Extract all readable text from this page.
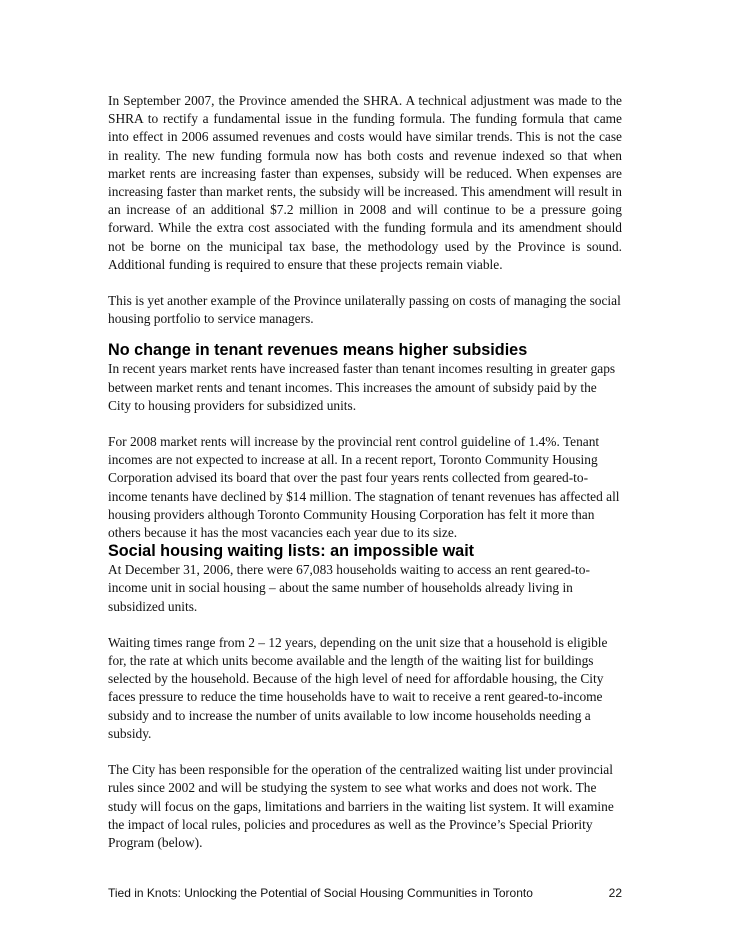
In September 2007, the Province amended the SHRA. A technical adjustment was made to the SHRA to rectify a fundamental issue in the funding formula. The funding formula that came into effect in 2006 assumed revenues and costs would have similar trends. This is not the case in reality. The new funding formula now has both costs and revenue indexed so that when market rents are increasing faster than expenses, subsidy will be reduced. When expenses are increasing faster than market rents, the subsidy will be increased. This amendment will result in an increase of an additional $7.2 million in 2008 and will continue to be a pressure going forward. While the extra cost associated with the funding formula and its amendment should not be borne on the municipal tax base, the methodology used by the Province is sound. Additional funding is required to ensure that these projects remain viable.

This is yet another example of the Province unilaterally passing on costs of managing the social housing portfolio to service managers.

No change in tenant revenues means higher subsidies

In recent years market rents have increased faster than tenant incomes resulting in greater gaps between market rents and tenant incomes. This increases the amount of subsidy paid by the City to housing providers for subsidized units.

For 2008 market rents will increase by the provincial rent control guideline of 1.4%. Tenant incomes are not expected to increase at all. In a recent report, Toronto Community Housing Corporation advised its board that over the past four years rents collected from geared-to-income tenants have declined by $14 million. The stagnation of tenant revenues has affected all housing providers although Toronto Community Housing Corporation has felt it more than others because it has the most vacancies each year due to its size.

Social housing waiting lists: an impossible wait

At December 31, 2006, there were 67,083 households waiting to access an rent geared-to-income unit in social housing – about the same number of households already living in subsidized units.

Waiting times range from 2 – 12 years, depending on the unit size that a household is eligible for, the rate at which units become available and the length of the waiting list for buildings selected by the household. Because of the high level of need for affordable housing, the City faces pressure to reduce the time households have to wait to receive a rent geared-to-income subsidy and to increase the number of units available to low income households needing a subsidy.

The City has been responsible for the operation of the centralized waiting list under provincial rules since 2002 and will be studying the system to see what works and does not work. The study will focus on the gaps, limitations and barriers in the waiting list system. It will examine the impact of local rules, policies and procedures as well as the Province’s Special Priority Program (below).

Tied in Knots: Unlocking the Potential of Social Housing Communities in Toronto	22
